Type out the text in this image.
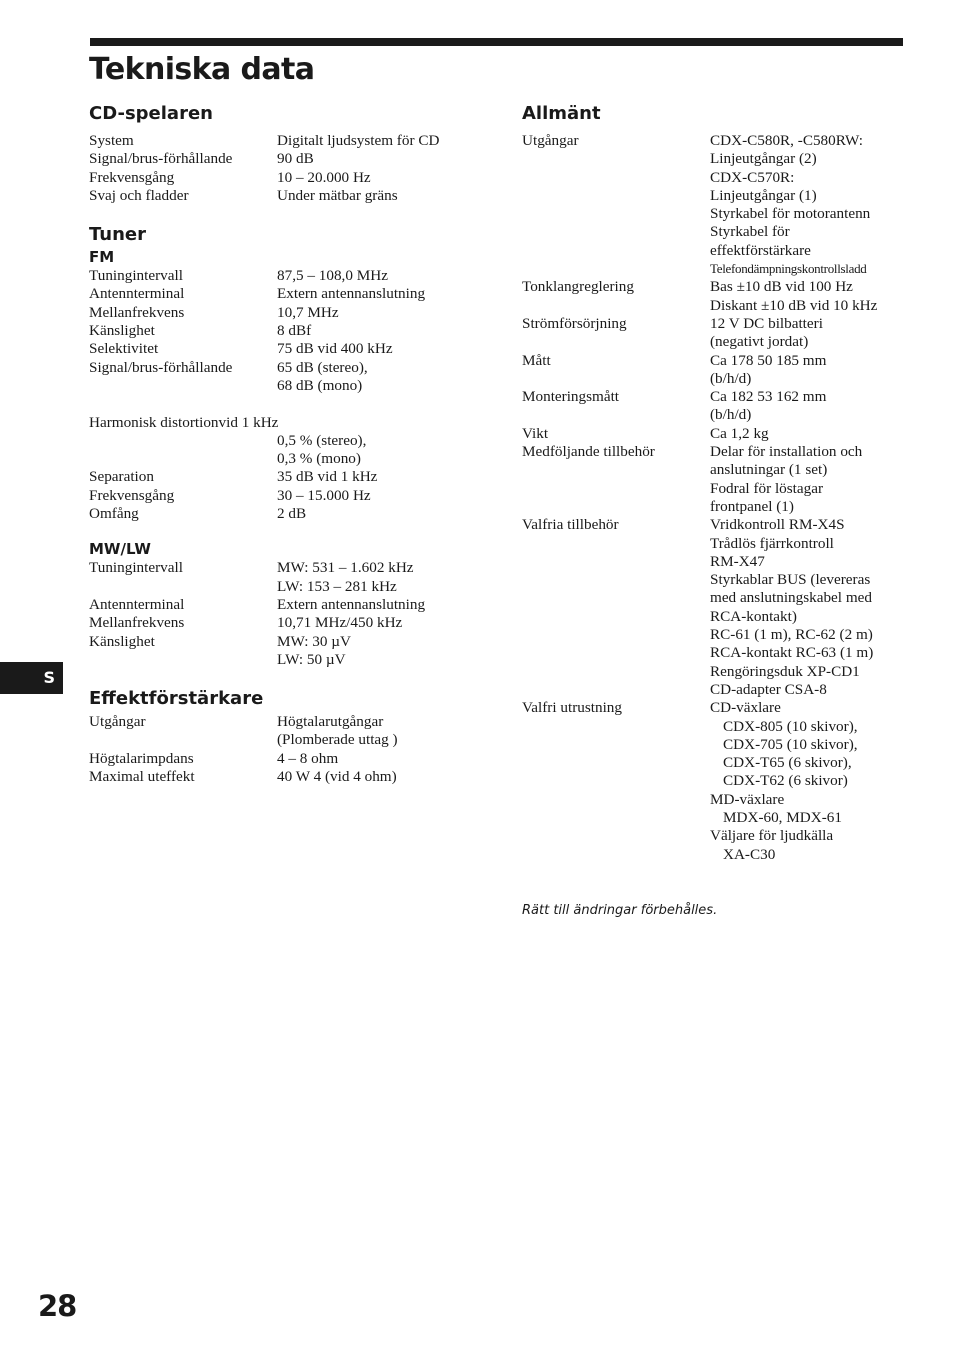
Tekniska data
CD-spelaren
System	Digitalt ljudsystem för CD
Signal/brus-förhållande	90 dB
Frekvensgång	10 – 20.000 Hz
Svaj och fladder	Under mätbar gräns
Tuner
FM
Tuningintervall	87,5 – 108,0 MHz
Antennterminal	Extern antennanslutning
Mellanfrekvens	10,7 MHz
Känslighet	8 dBf
Selektivitet	75 dB vid 400 kHz
Signal/brus-förhållande	65 dB (stereo),
68 dB (mono)
Harmonisk distortionvid 1 kHz
0,5 % (stereo),
0,3 % (mono)
Separation	35 dB vid 1 kHz
Frekvensgång	30 – 15.000 Hz
Omfång	2 dB
MW/LW
Tuningintervall	MW: 531 – 1.602 kHz
LW: 153 – 281 kHz
Antennterminal	Extern antennanslutning
Mellanfrekvens	10,71 MHz/450 kHz
Känslighet	MW: 30 µV
LW: 50 µV
Effektförstärkare
Utgångar	Högtalarutgångar
(Plomberade uttag )
Högtalarimpdans	4 – 8 ohm
Maximal uteffekt	40 W 4 (vid 4 ohm)
Allmänt
Utgångar	CDX-C580R, -C580RW:
Linjeutgångar (2)
CDX-C570R:
Linjeutgångar (1)
Styrkabel för motorantenn
Styrkabel för
effektförstärkare
Telefondämpningskontrollsladd
Tonklangreglering	Bas ±10 dB vid 100 Hz
Diskant ±10 dB vid 10 kHz
Strömförsörjning	12 V DC bilbatteri
(negativt jordat)
Mått	Ca 178 50 185 mm
(b/h/d)
Monteringsmått	Ca 182 53 162 mm
(b/h/d)
Vikt	Ca 1,2 kg
Medföljande tillbehör	Delar för installation och
anslutningar (1 set)
Fodral för löstagar
frontpanel (1)
Valfria tillbehör	Vridkontroll RM-X4S
Trådlös fjärrkontroll
RM-X47
Styrkablar BUS (levereras
med anslutningskabel med
RCA-kontakt)
RC-61 (1 m), RC-62 (2 m)
RCA-kontakt RC-63 (1 m)
Rengöringsduk XP-CD1
CD-adapter CSA-8
Valfri utrustning	CD-växlare
CDX-805 (10 skivor),
CDX-705 (10 skivor),
CDX-T65 (6 skivor),
CDX-T62 (6 skivor)
MD-växlare
MDX-60, MDX-61
Väljare för ljudkälla
XA-C30
Rätt till ändringar förbehålles.
S
28
